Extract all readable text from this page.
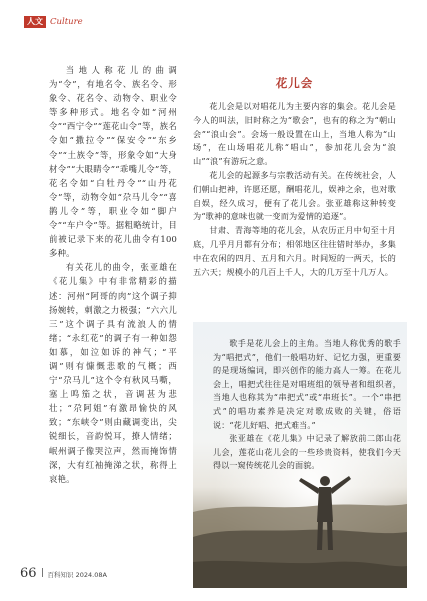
人文 Culture

当地人称花儿的曲调为“令”，有地名令、族名令、形象令、花名令、动物令、职业令等多种形式。地名令如“河州令”“西宁令”“莲花山令”等，族名令如“撒拉令”“保安令”“东乡令”“土族令”等，形象令如“大身材令”“大眼睛令”“乖嘴儿令”等，花名令如“白牡丹令”“山丹花令”等，动物令如“尕马儿令”“喜鹊儿令”等，职业令如“脚户令”“车户令”等。据粗略统计，目前被记录下来的花儿曲令有100多种。

有关花儿的曲令，张亚雄在《花儿集》中有非常精彩的描述：河州“阿哥的肉”这个调子抑扬婉转，刺激之力极强；“六六儿三”这个调子具有流浪人的情绪；“永红花”的调子有一种如怨如慕，如泣如诉的神气；“平调”则有慷慨悲歌的气概；西宁“尕马儿”这个令有秋风马嘶，塞上鸣笳之状，音调甚为悲壮；“尕阿姐”有激昂愉快的风致；“东峡令”则由藏调变出，尖锐细长，音韵悦耳，撩人情绪；岷州调子像哭泣声，然而掩饰情深，大有红袖掩涕之状，称得上哀艳。

花儿会

花儿会是以对唱花儿为主要内容的集会。花儿会是今人的叫法，旧时称之为“歌会”，也有的称之为“朝山会”“浪山会”。会场一般设置在山上，当地人称为“山场”，在山场唱花儿称“唱山”，参加花儿会为“浪山”“浪”有游玩之意。

花儿会的起源多与宗教活动有关。在传统社会，人们朝山把神，许愿还愿，酬唱花儿，娱神之余，也对歌自娱，经久成习，便有了花儿会。张亚雄称这种转变为“歌神的意味也就一变而为爱情的追逐”。

甘肃、青海等地的花儿会，从农历正月中旬至十月底，几乎月月都有分布；相邻地区往往错时举办，多集中在农闲的四月、五月和六月。时间短的一两天，长的五六天；规模小的几百上千人，大的几万至十几万人。

歌手是花儿会上的主角。当地人称优秀的歌手为“唱把式”，他们一般唱功好、记忆力强，更重要的是现场编词，即兴创作的能力高人一筹。在花儿会上，唱把式往往是对唱班组的领导者和组织者，当地人也称其为“串把式”或“串班长”。一个“串把式”的唱功素养是决定对歌成败的关键，俗语说：“花儿好唱、把式难当。”

张亚雄在《花儿集》中记录了解放前二郎山花儿会，莲花山花儿会的一些珍贵资料，使我们今天得以一窥传统花儿会的面貌。

66 百科知识 2024.08A
